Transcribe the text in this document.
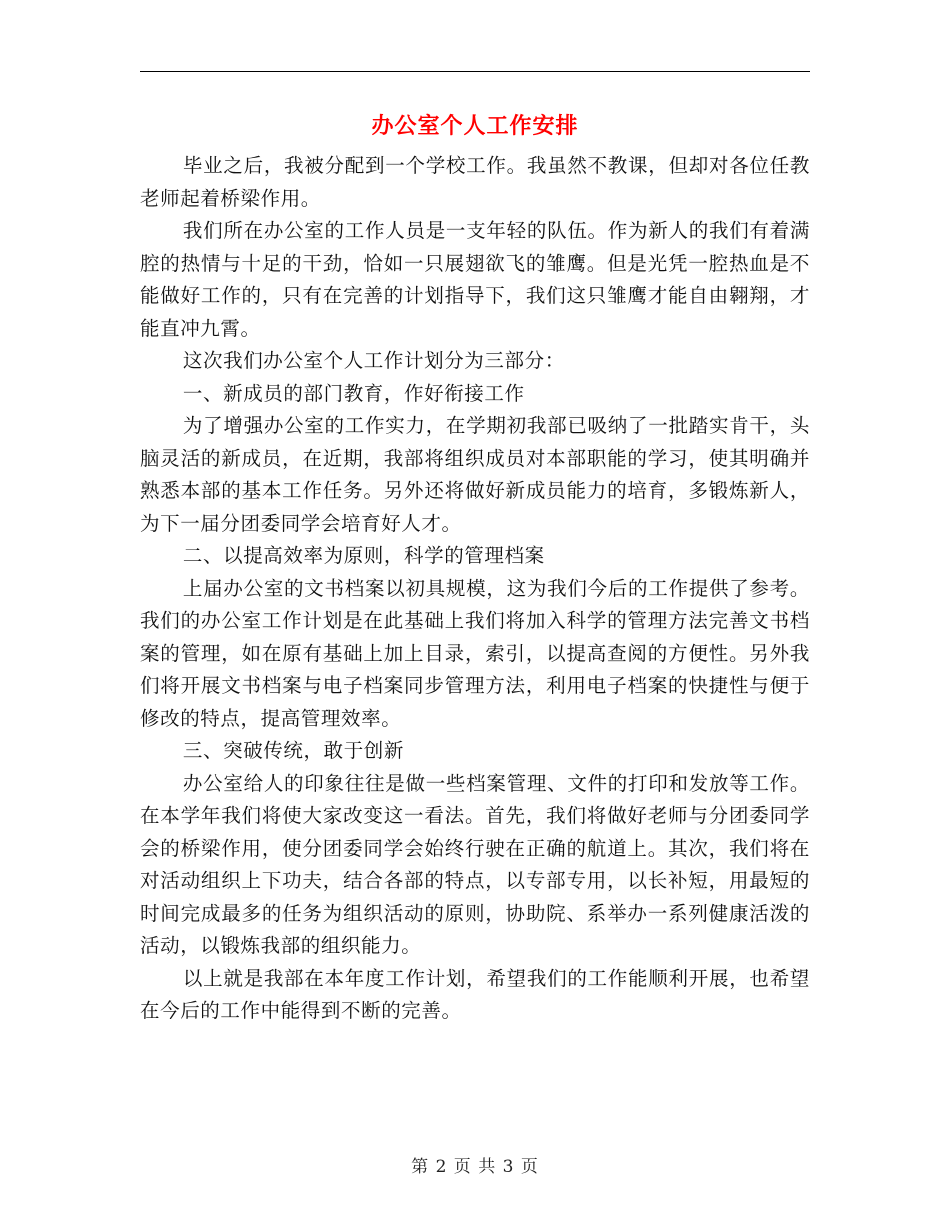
办公室个人工作安排

毕业之后，我被分配到一个学校工作。我虽然不教课，但却对各位任教老师起着桥梁作用。

我们所在办公室的工作人员是一支年轻的队伍。作为新人的我们有着满腔的热情与十足的干劲，恰如一只展翅欲飞的雏鹰。但是光凭一腔热血是不能做好工作的，只有在完善的计划指导下，我们这只雏鹰才能自由翱翔，才能直冲九霄。

这次我们办公室个人工作计划分为三部分：

一、新成员的部门教育，作好衔接工作

为了增强办公室的工作实力，在学期初我部已吸纳了一批踏实肯干，头脑灵活的新成员，在近期，我部将组织成员对本部职能的学习，使其明确并熟悉本部的基本工作任务。另外还将做好新成员能力的培育，多锻炼新人，为下一届分团委同学会培育好人才。

二、以提高效率为原则，科学的管理档案

上届办公室的文书档案以初具规模，这为我们今后的工作提供了参考。我们的办公室工作计划是在此基础上我们将加入科学的管理方法完善文书档案的管理，如在原有基础上加上目录，索引，以提高查阅的方便性。另外我们将开展文书档案与电子档案同步管理方法，利用电子档案的快捷性与便于修改的特点，提高管理效率。

三、突破传统，敢于创新

办公室给人的印象往往是做一些档案管理、文件的打印和发放等工作。在本学年我们将使大家改变这一看法。首先，我们将做好老师与分团委同学会的桥梁作用，使分团委同学会始终行驶在正确的航道上。其次，我们将在对活动组织上下功夫，结合各部的特点，以专部专用，以长补短，用最短的时间完成最多的任务为组织活动的原则，协助院、系举办一系列健康活泼的活动，以锻炼我部的组织能力。

以上就是我部在本年度工作计划，希望我们的工作能顺利开展，也希望在今后的工作中能得到不断的完善。

第 2 页 共 3 页
